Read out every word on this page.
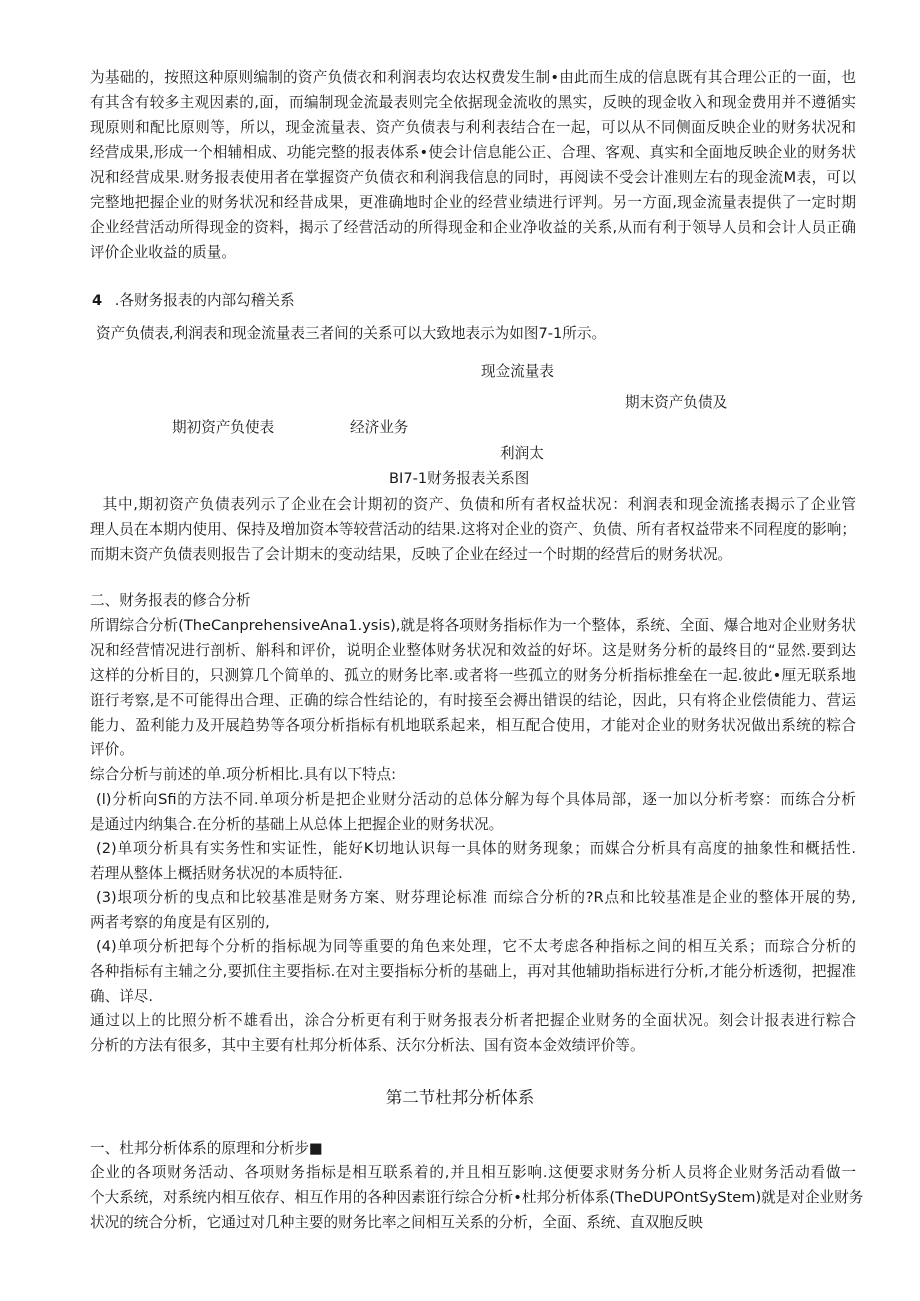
为基础的，按照这种原则编制的资产负债衣和利润表均农达权费发生制•由此而生成的信息既有其合理公正的一面，也
有其含有较多主观因素的,面，而编制现金流最表则完全依据现金流收的黑实，反映的现金收入和现金费用并不遵循实
现原则和配比原则等，所以，现金流量表、资产负债表与利利表结合在一起，可以从不同侧面反映企业的财务状况和
经营成果,形成一个相辅相成、功能完整的报表体系•使会计信息能公正、合理、客观、真实和全面地反映企业的财务状
况和经营成果.财务报表使用者在掌握资产负债衣和利润我信息的同时，再阅读不受会计准则左右的现金流M表，可以
完整地把握企业的财务状况和经昔成果，更准确地时企业的经营业绩进行评判。另一方面,现金流量表提供了一定时期
企业经营活动所得现金的资料，揭示了经营活动的所得现金和企业净收益的关系,从而有利于领导人员和会计人员正确
评价企业收益的质量。
4 .各财务报表的内部勾稽关系
资产负债表,利润表和现金流量表三者间的关系可以大致地表示为如图7-1所示。
现佥流量表
期末资产负债及
期初资产负使表	经济业务
利润太
BI7-1财务报表关系图
其中,期初资产负债表列示了企业在会计期初的资产、负债和所有者权益状况：利润表和现金流搖表揭示了企业管
理人员在本期内使用、保持及増加资本等较营活动的结果.这将对企业的资产、负债、所有者权益带来不同程度的影响；
而期末资产负债表则报告了会计期末的变动结果，反映了企业在经过一个时期的经营后的财务状况。
二、财务报表的修合分析
所谓综合分析(TheCanprehensiveAna1.ysis),就是将各项财务指标作为一个整体，系统、全面、爆合地对企业财务状
况和经营情况进行剖析、斛科和评价，说明企业整体财务状况和效益的好坏。这是财务分析的最终目的“显然.要到达
这样的分析目的，只测算几个简单的、孤立的财务比率.或者将一些孤立的财务分析指标推垒在一起.彼此•厘无联系地
诳行考察,是不可能得出合理、正确的综合性结论的，有时接至会褥出错误的结论，因此，只有将企业偿债能力、营运
能力、盈利能力及开展趋势等各项分析指标有机地联系起来，相互配合使用，才能对企业的财务状况做出系统的粽合
评价。
综合分析与前述的单.项分析相比.具有以下特点:
(l)分析向Sfi的方法不同.单项分析是把企业财分活动的总体分解为每个具体局部，逐一加以分析考察：而练合分析
是通过内纳集合.在分析的基础上从总体上把握企业的财务状况。
(2)单项分析具有实务性和实证性，能好K切地认识每一具体的财务现象；而媒合分析具有高度的抽象性和概括性.
若理从整体上概括财务状况的本质特征.
(3)垠项分析的曳点和比较基准是财务方案、财芬理论标准 而综合分析的?R点和比较基准是企业的整体开展的势,
两者考察的角度是有区别的,
(4)单项分析把每个分析的指标觇为同等重要的角色来处理，它不太考虑各种指标之间的相互关系；而琮合分析的
各种指标有主辅之分,要抓住主要指标.在对主要指标分析的基础上，再对其他辅助指标进行分析,才能分析透彻，把握准
确、详尽.
通过以上的比照分析不雄看出，涂合分析更有利于财务报表分析者把握企业财务的全面状况。刻会计报表进行粽合
分析的方法有很多，其中主要有杜邦分析体系、沃尔分析法、国有资本金效绩评价等。
第二节杜邦分析体系
一、杜邦分析体系的原理和分析步■
企业的各项财务活动、各项财务指标是相互联系着的,并且相互影响.这便要求财务分析人员将企业财务活动看做一
个大系统，对系统内相互依存、相互作用的各种因素诳行综合分析•杜邦分析体系(TheDUPOntSyStem)就是对企业财务
状况的统合分析，它通过对几种主要的财务比率之间相互关系的分析，全面、系统、直双胞反映
